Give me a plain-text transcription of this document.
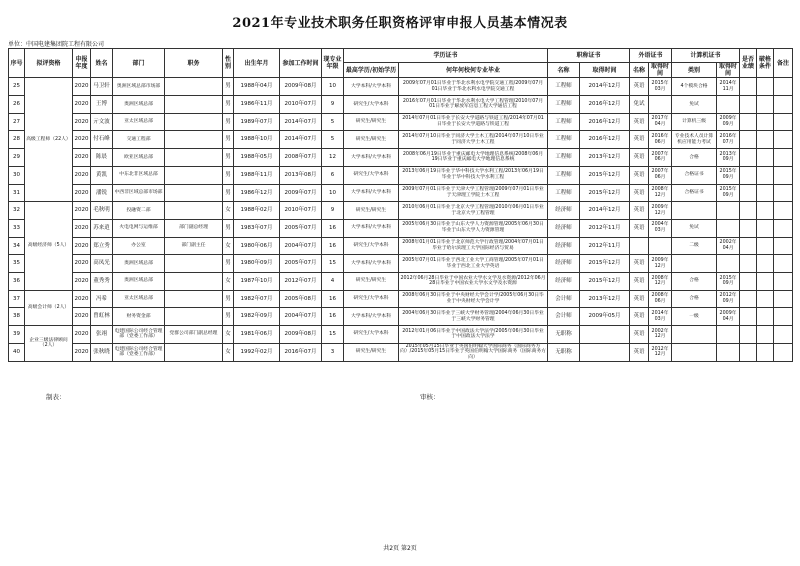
2021年专业技术职务任职资格评审申报人员基本情况表
单位：中国电建集团院工程有限公司
序号	拟评资格	申报年度	姓名	部门	职务	性别	出生年月	参加工作时间	现专业年限	学历证书		职称证书		外语证书		计算机证书		是否业绩	破格条件	备注
										最高学历/初始学历	何年何校何专业毕业	名称	取得时间	名称	取得时间	类别	取得时间			
25	高级工程师（22人）	2020	马卫轩	奥洲区域总部市场部		男	1988年04月	2009年08月	10	大学本科/大学本科	2009年07月01日毕业于华北水利水电学院交通工程/2009年07月01日毕业于华北水利水电学院交通工程	工程师	2014年12月	英语	2015年03月	4个模块合格	2014年11月			
26		2020	王博	奥洲区域总部		男	1986年11月	2010年07月	9	研究生/大学本科	2016年07月01日毕业于华北水利水电大学工程管理/2010年07月01日毕业于解放军信息工程大学通信工程	工程师	2016年12月	免试		免试				
27		2020	亓文波	亚太区域总部		男	1989年07月	2014年07月	5	研究生/研究生	2014年07月01日毕业于长安大学道路与铁道工程/2014年07月01日毕业于长安大学道路与铁道工程	工程师	2016年12月	英语	2017年04月	计算机三级	2009年09月			
28		2020	付石峰	交通工程部		男	1988年10月	2014年07月	5	研究生/研究生	2014年07月10日毕业于同济大学土木工程/2014年07月10日毕业于同济大学土木工程	工程师	2016年12月	英语	2016年06月	专业技术人员计算机应用能力考试	2016年07月			
29		2020	陈晨	欧亚区域总部		男	1988年05月	2008年07月	12	大学本科/大学本科	2008年06月19日毕业于重庆邮电大学地理信息系统/2008年06月19日毕业于重庆邮电大学地理信息系统	工程师	2013年12月	英语	2007年06月	合格	2013年09月			
30		2020	黄凯	中东北非区域总部		男	1988年11月	2013年08月	6	研究生/大学本科	2013年06月19日毕业于华中科技大学水利工程/2013年06月19日毕业于华中科技大学水利工程	工程师	2015年12月	英语	2007年06月	合格证书	2015年09月			
31		2020	潘锐	中西非区域总部市场部		男	1986年12月	2009年07月	10	大学本科/大学本科	2009年07月01日毕业于天津大学工程管理/2009年07月01日毕业于天津理工学院土木工程	工程师	2015年12月	英语	2008年12月	合格证书	2015年09月			
32	高级经济师（5人）	2020	毛秋明	投融资二部		女	1988年02月	2010年07月	9	研究生/研究生	2010年06月01日毕业于北京大学工程管理/2010年06月01日毕业于北京大学工程管理	经济师	2014年12月	英语	2009年12月					
33		2020	苏来逍	火电电网与运维部	部门副总经理	男	1983年07月	2005年07月	16	大学本科/大学本科	2005年06月30日毕业于山东大学人力资源管理/2005年06月30日毕业于山东大学人力资源管理	经济师	2012年11月	英语	2004年03月	免试				
34		2020	郑立秀	办公室	部门副主任	女	1980年06月	2004年07月	16	研究生/大学本科	2008年01月01日毕业于北京师范大学行政管理/2004年07月01日毕业于哈尔滨理工大学国际经济与贸易	经济师	2012年11月			二级	2002年04月			
35		2020	高凤光	奥洲区域总部		男	1980年09月	2005年07月	15	大学本科/大学本科	2005年07月01日毕业于西北工业大学工商管理/2005年07月01日毕业于西北工业大学英语	经济师	2015年12月	英语	2009年12月					
36		2020	董秀秀	奥洲区域总部		女	1987年10月	2012年07月	4	研究生/研究生	2012年06月28日毕业于中国农业大学水文学及水资源/2012年06月28日毕业于中国农业大学水文学及水资源	经济师	2015年12月	英语	2008年12月	合格	2015年09月			
37	高级会计师（2人）	2020	冯希	亚太区域总部		男	1982年07月	2005年08月	16	研究生/大学本科	2008年06月30日毕业于中央财经大学会计学/2005年06月30日毕业于中央财经大学会计学	会计师	2013年12月	英语	2008年06月	合格	2012年09月			
38		2020	曾虹林	财务资金部		男	1982年09月	2004年07月	16	大学本科/大学本科	2004年06月30日毕业于三峡大学财务管理/2004年06月30日毕业于三峡大学财务管理	会计师	2009年05月	英语	2014年03月	一级	2009年04月			
39	企业三级法律顾问（2人）	2020	张翊	电建国际公司经合管理部（党委工作部）	党群公司部门副总经理	女	1981年06月	2009年08月	15	研究生/大学本科	2012年01月06日毕业于中国政法大学法学/2005年06月30日毕业于中国政法大学法学	无职称		英语	2002年12月					
40		2020	张秋晓	电建国际公司经合管理部（党委工作部）		女	1992年02月	2016年07月	3	研究生/研究生	2015年05月15日毕业于英国伯明翰大学国际商务（国际商务方向）/2015年05月15日毕业于英国伯明翰大学国际商务（国际商务方向）	无职称		英语	2012年12月					
制表：	审核：
共2页 第2页
